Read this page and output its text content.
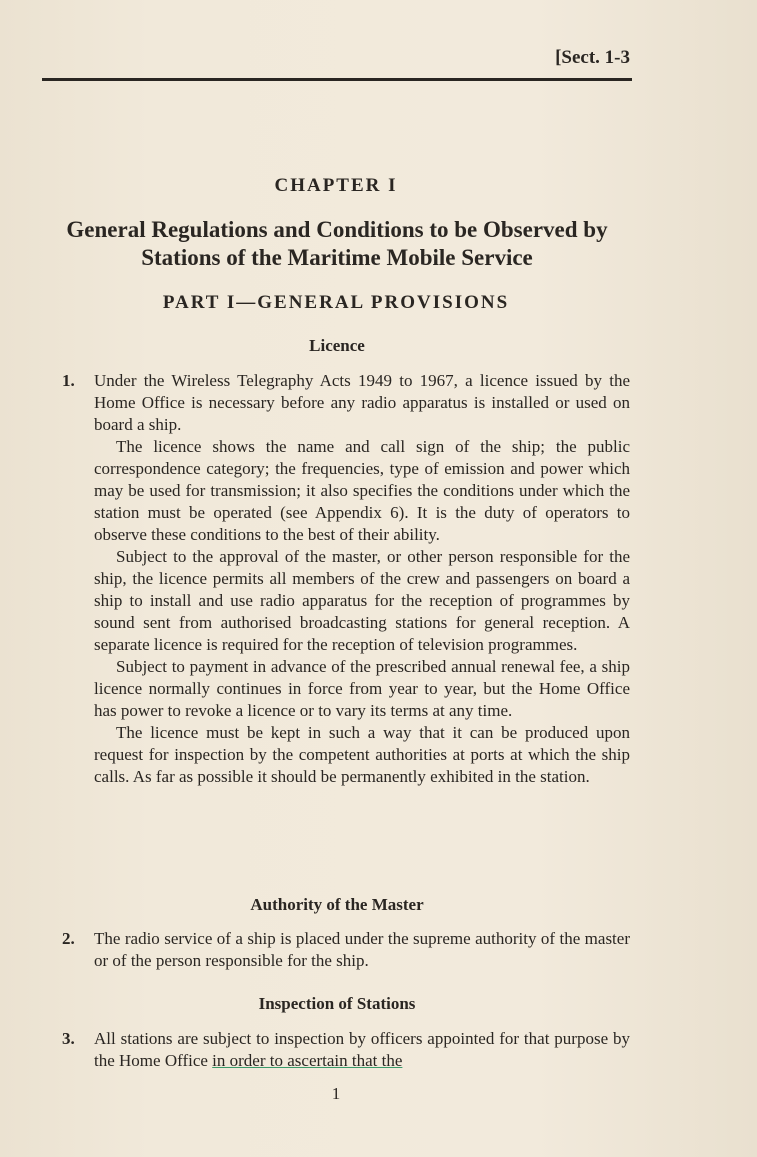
[Sect. 1-3
CHAPTER I
General Regulations and Conditions to be Observed by Stations of the Maritime Mobile Service
PART I—GENERAL PROVISIONS
Licence
1. Under the Wireless Telegraphy Acts 1949 to 1967, a licence issued by the Home Office is necessary before any radio apparatus is installed or used on board a ship.

The licence shows the name and call sign of the ship; the public correspondence category; the frequencies, type of emission and power which may be used for transmission; it also specifies the conditions under which the station must be operated (see Appendix 6). It is the duty of operators to observe these conditions to the best of their ability.

Subject to the approval of the master, or other person responsible for the ship, the licence permits all members of the crew and passengers on board a ship to install and use radio apparatus for the reception of programmes by sound sent from authorised broadcasting stations for general reception. A separate licence is required for the reception of television programmes.

Subject to payment in advance of the prescribed annual renewal fee, a ship licence normally continues in force from year to year, but the Home Office has power to revoke a licence or to vary its terms at any time.

The licence must be kept in such a way that it can be produced upon request for inspection by the competent authorities at ports at which the ship calls. As far as possible it should be permanently exhibited in the station.

Authority of the Master
2. The radio service of a ship is placed under the supreme authority of the master or of the person responsible for the ship.

Inspection of Stations
3. All stations are subject to inspection by officers appointed for that purpose by the Home Office in order to ascertain that the

1
